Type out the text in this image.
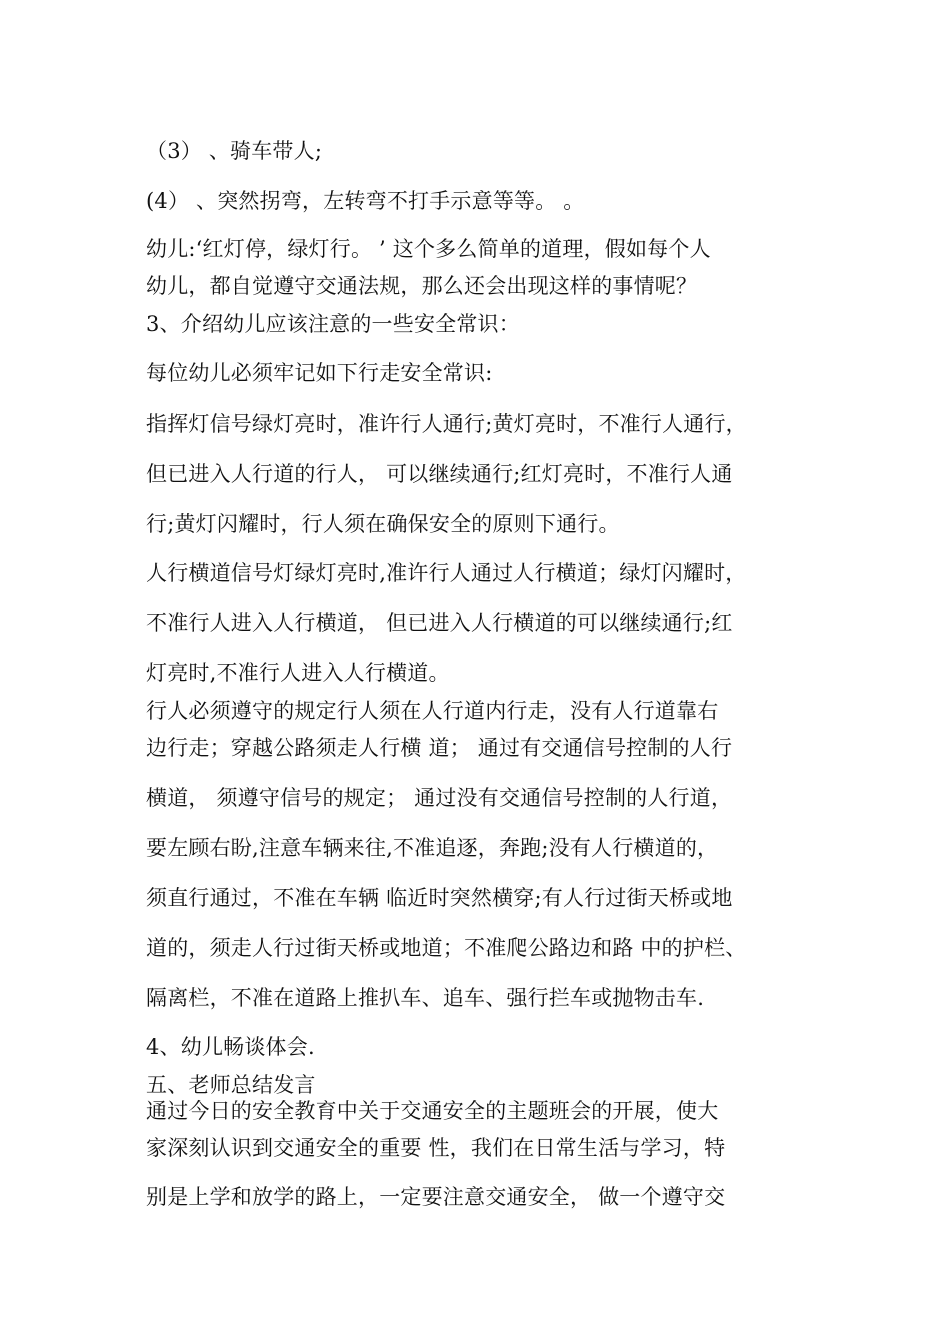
（3） 、骑车带人;
(4） 、突然拐弯，左转弯不打手示意等等。 。
幼儿:‘红灯停，绿灯行。 ’ 这个多么简单的道理，假如每个人
幼儿，都自觉遵守交通法规，那么还会出现这样的事情呢？
3、介绍幼儿应该注意的一些安全常识：
每位幼儿必须牢记如下行走安全常识:
指挥灯信号绿灯亮时，准许行人通行;黄灯亮时，不准行人通行，
但已进入人行道的行人， 可以继续通行;红灯亮时，不准行人通
行;黄灯闪耀时，行人须在确保安全的原则下通行。
人行横道信号灯绿灯亮时,准许行人通过人行横道；绿灯闪耀时，
不准行人进入人行横道， 但已进入人行横道的可以继续通行;红
灯亮时,不准行人进入人行横道。
行人必须遵守的规定行人须在人行道内行走，没有人行道靠右
边行走；穿越公路须走人行横 道； 通过有交通信号控制的人行
横道， 须遵守信号的规定； 通过没有交通信号控制的人行道，
要左顾右盼,注意车辆来往,不准追逐，奔跑;没有人行横道的，
须直行通过，不准在车辆 临近时突然横穿;有人行过街天桥或地
道的，须走人行过街天桥或地道；不准爬公路边和路 中的护栏、
隔离栏，不准在道路上推扒车、追车、强行拦车或抛物击车.
4、幼儿畅谈体会.
五、老师总结发言
通过今日的安全教育中关于交通安全的主题班会的开展，使大
家深刻认识到交通安全的重要 性，我们在日常生活与学习，特
别是上学和放学的路上，一定要注意交通安全， 做一个遵守交
